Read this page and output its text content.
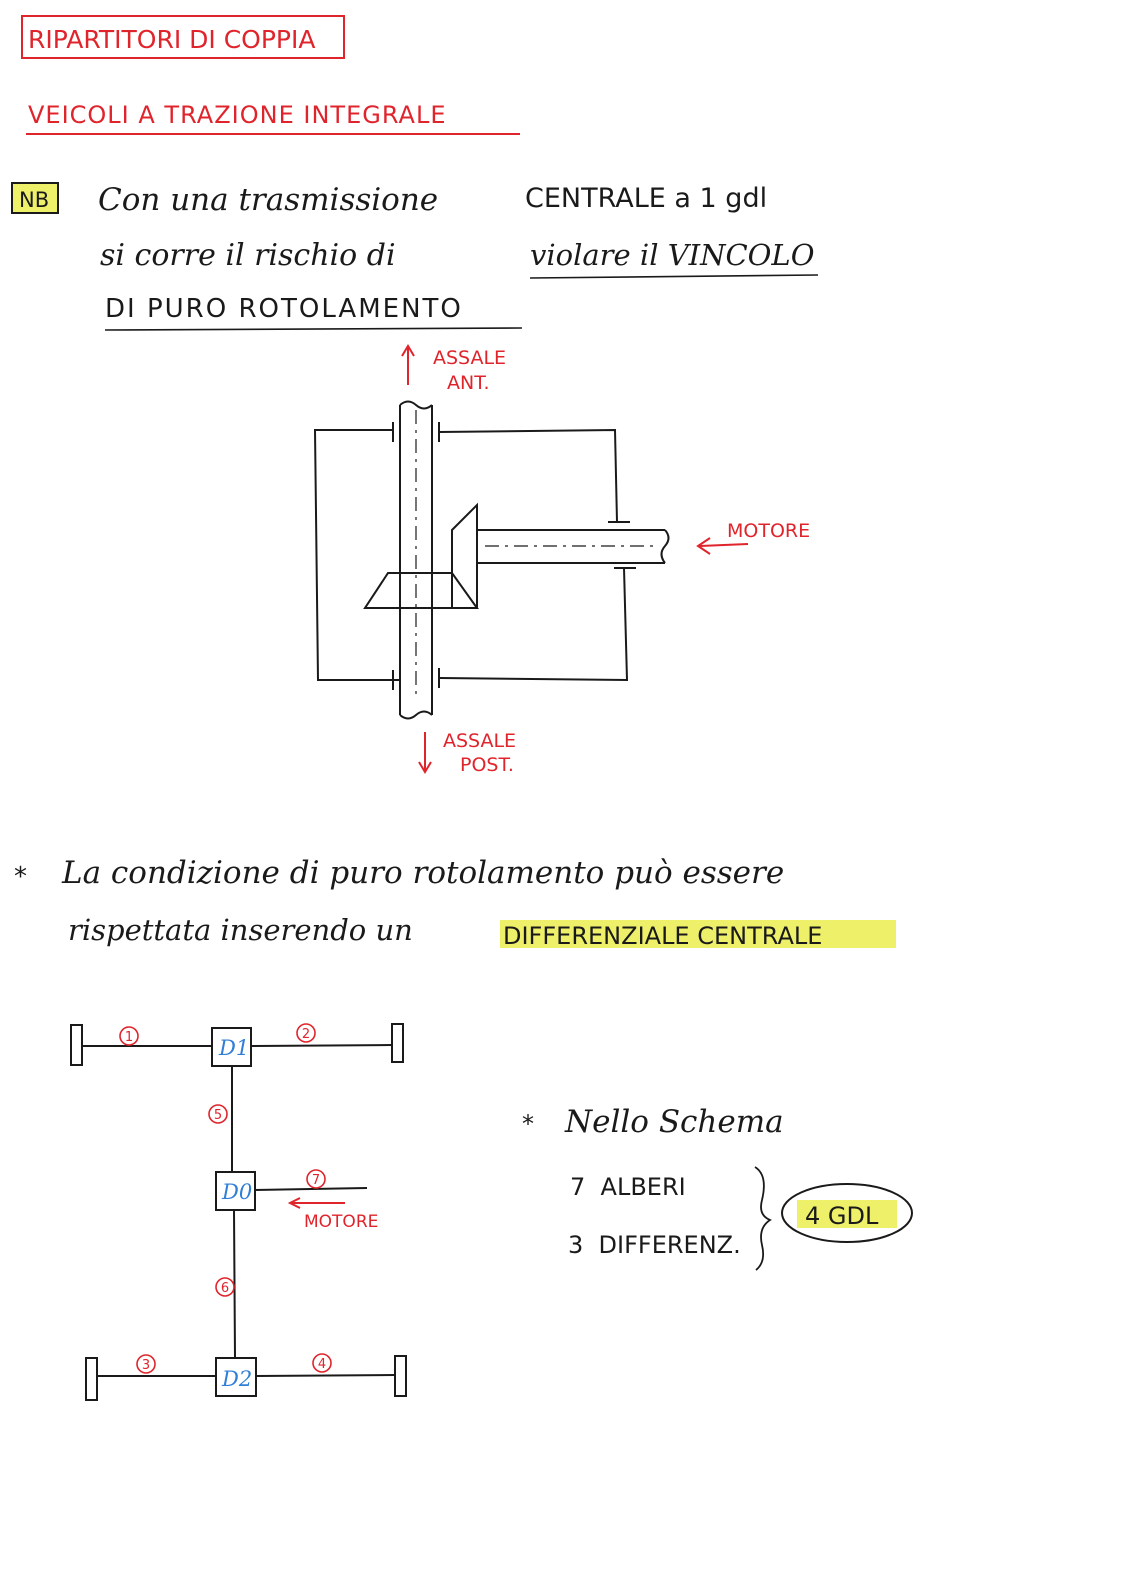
RIPARTITORI DI COPPIA
VEICOLI A TRAZIONE INTEGRALE
NB Con una trasmissione	CENTRALE a 1 gdl
si corre il rischio di	violare il VINCOLO
DI PURO ROTOLAMENTO
ASSALE
ANT.
ASSALE
POST.
MOTORE
* La condizione di puro rotolamento può essere
rispettata inserendo un	DIFFERENZIALE CENTRALE
D1
D0
D2
1	2
3	4
5
6
7
MOTORE
* Nello Schema
7  ALBERI
3  DIFFERENZ.
4 GDL
